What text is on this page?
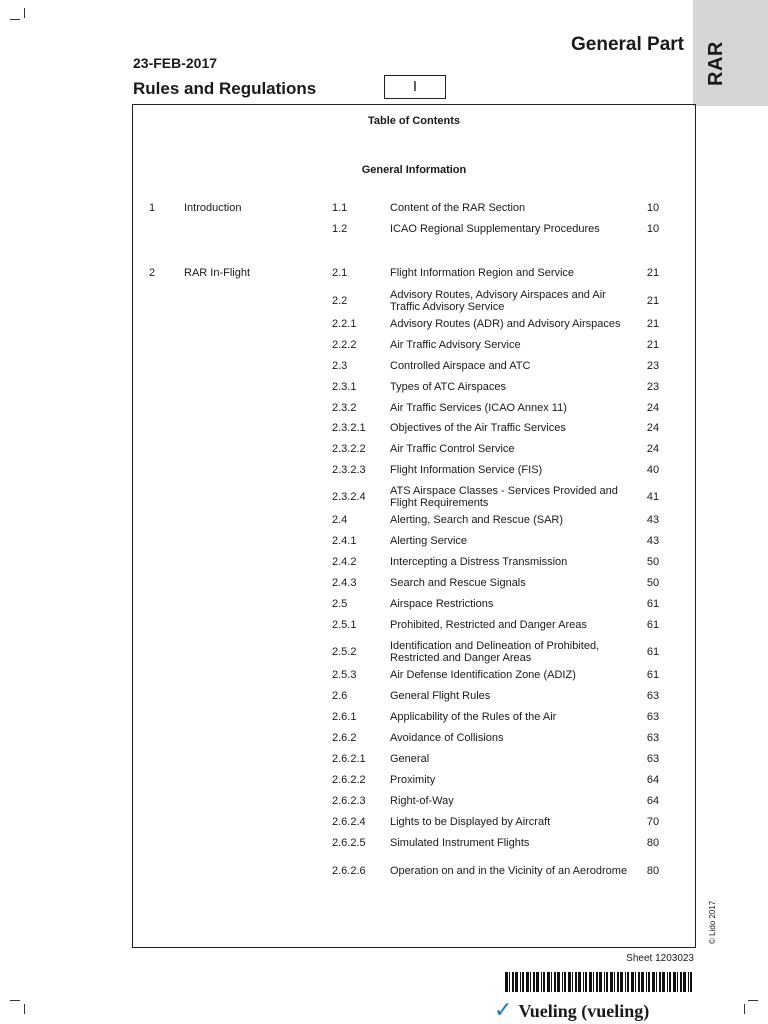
RAR
General Part
23-FEB-2017
Rules and Regulations	I
Table of Contents
General Information
1	Introduction	1.1	Content of the RAR Section	10
1.2	ICAO Regional Supplementary Procedures	10
2	RAR In-Flight	2.1	Flight Information Region and Service	21
2.2	Advisory Routes, Advisory Airspaces and Air Traffic Advisory Service	21
2.2.1	Advisory Routes (ADR) and Advisory Airspaces	21
2.2.2	Air Traffic Advisory Service	21
2.3	Controlled Airspace and ATC	23
2.3.1	Types of ATC Airspaces	23
2.3.2	Air Traffic Services (ICAO Annex 11)	24
2.3.2.1 Objectives of the Air Traffic Services	24
2.3.2.2 Air Traffic Control Service	24
2.3.2.3 Flight Information Service (FIS)	40
2.3.2.4 ATS Airspace Classes - Services Provided and Flight Requirements	41
2.4	Alerting, Search and Rescue (SAR)	43
2.4.1	Alerting Service	43
2.4.2	Intercepting a Distress Transmission	50
2.4.3	Search and Rescue Signals	50
2.5	Airspace Restrictions	61
2.5.1	Prohibited, Restricted and Danger Areas	61
2.5.2	Identification and Delineation of Prohibited, Restricted and Danger Areas	61
2.5.3	Air Defense Identification Zone (ADIZ)	61
2.6	General Flight Rules	63
2.6.1	Applicability of the Rules of the Air	63
2.6.2	Avoidance of Collisions	63
2.6.2.1 General	63
2.6.2.2 Proximity	64
2.6.2.3 Right-of-Way	64
2.6.2.4 Lights to be Displayed by Aircraft	70
2.6.2.5 Simulated Instrument Flights	80
2.6.2.6 Operation on and in the Vicinity of an Aerodrome	80
© Lido 2017
Sheet 1203023
✓ Vueling (vueling)
